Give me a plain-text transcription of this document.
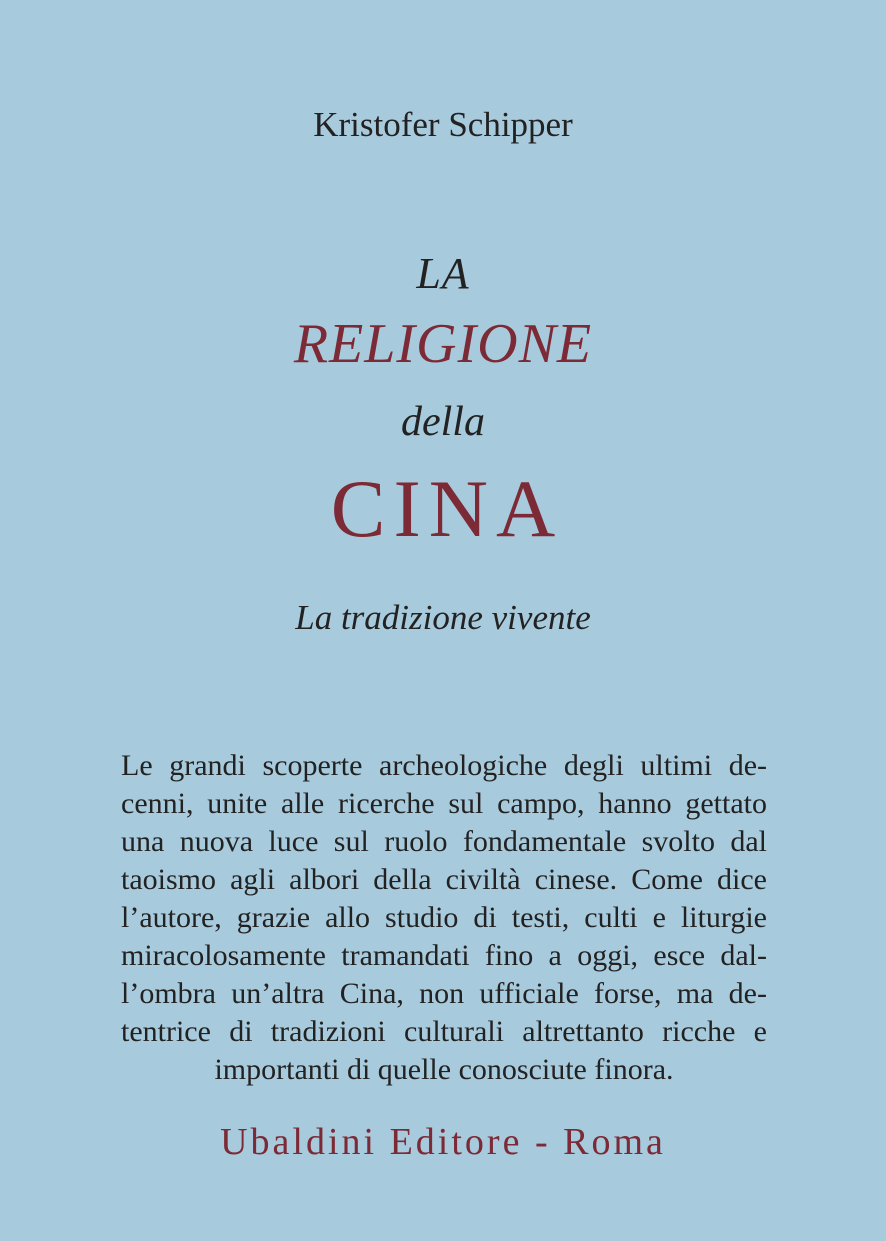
Kristofer Schipper
LA
RELIGIONE
della
CINA
La tradizione vivente
Le grandi scoperte archeologiche degli ultimi de-
cenni, unite alle ricerche sul campo, hanno gettato
una nuova luce sul ruolo fondamentale svolto dal
taoismo agli albori della civiltà cinese. Come dice
l’autore, grazie allo studio di testi, culti e liturgie
miracolosamente tramandati fino a oggi, esce dal-
l’ombra un’altra Cina, non ufficiale forse, ma de-
tentrice di tradizioni culturali altrettanto ricche e
importanti di quelle conosciute finora.
Ubaldini Editore - Roma
